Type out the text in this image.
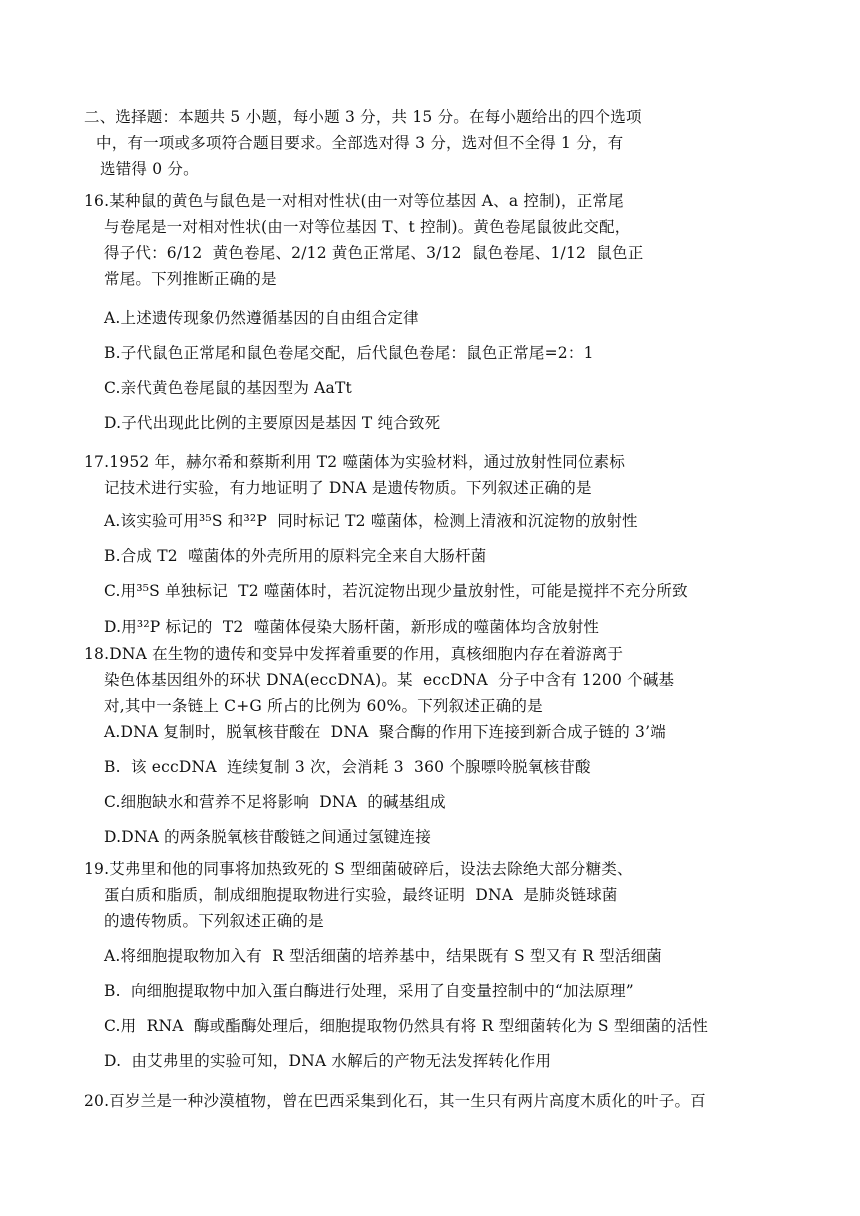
二、选择题：本题共 5 小题，每小题 3 分，共 15 分。在每小题给出的四个选项
中，有一项或多项符合题目要求。全部选对得 3 分，选对但不全得 1 分，有
选错得 0 分。
16.某种鼠的黄色与鼠色是一对相对性状(由一对等位基因 A、a 控制)，正常尾
与卷尾是一对相对性状(由一对等位基因 T、t 控制)。黄色卷尾鼠彼此交配，
得子代：6/12  黄色卷尾、2/12 黄色正常尾、3/12  鼠色卷尾、1/12  鼠色正
常尾。下列推断正确的是
A.上述遗传现象仍然遵循基因的自由组合定律
B.子代鼠色正常尾和鼠色卷尾交配，后代鼠色卷尾：鼠色正常尾=2：1
C.亲代黄色卷尾鼠的基因型为 AaTt
D.子代出现此比例的主要原因是基因 T 纯合致死
17.1952 年，赫尔希和蔡斯利用 T2 噬菌体为实验材料，通过放射性同位素标
记技术进行实验，有力地证明了 DNA 是遗传物质。下列叙述正确的是
A.该实验可用³⁵S 和³²P  同时标记 T2 噬菌体，检测上清液和沉淀物的放射性
B.合成 T2  噬菌体的外壳所用的原料完全来自大肠杆菌
C.用³⁵S 单独标记  T2 噬菌体时，若沉淀物出现少量放射性，可能是搅拌不充分所致
D.用³²P 标记的  T2  噬菌体侵染大肠杆菌，新形成的噬菌体均含放射性
18.DNA 在生物的遗传和变异中发挥着重要的作用，真核细胞内存在着游离于
染色体基因组外的环状 DNA(eccDNA)。某  eccDNA  分子中含有 1200 个碱基
对,其中一条链上 C+G 所占的比例为 60%。下列叙述正确的是
A.DNA 复制时，脱氧核苷酸在  DNA  聚合酶的作用下连接到新合成子链的 3’端
B.  该 eccDNA  连续复制 3 次，会消耗 3  360 个腺嘌呤脱氧核苷酸
C.细胞缺水和营养不足将影响  DNA  的碱基组成
D.DNA 的两条脱氧核苷酸链之间通过氢键连接
19.艾弗里和他的同事将加热致死的 S 型细菌破碎后，设法去除绝大部分糖类、
蛋白质和脂质，制成细胞提取物进行实验，最终证明  DNA  是肺炎链球菌
的遗传物质。下列叙述正确的是
A.将细胞提取物加入有  R 型活细菌的培养基中，结果既有 S 型又有 R 型活细菌
B.  向细胞提取物中加入蛋白酶进行处理，采用了自变量控制中的“加法原理”
C.用  RNA  酶或酯酶处理后，细胞提取物仍然具有将 R 型细菌转化为 S 型细菌的活性
D.  由艾弗里的实验可知，DNA 水解后的产物无法发挥转化作用
20.百岁兰是一种沙漠植物，曾在巴西采集到化石，其一生只有两片高度木质化的叶子。百
